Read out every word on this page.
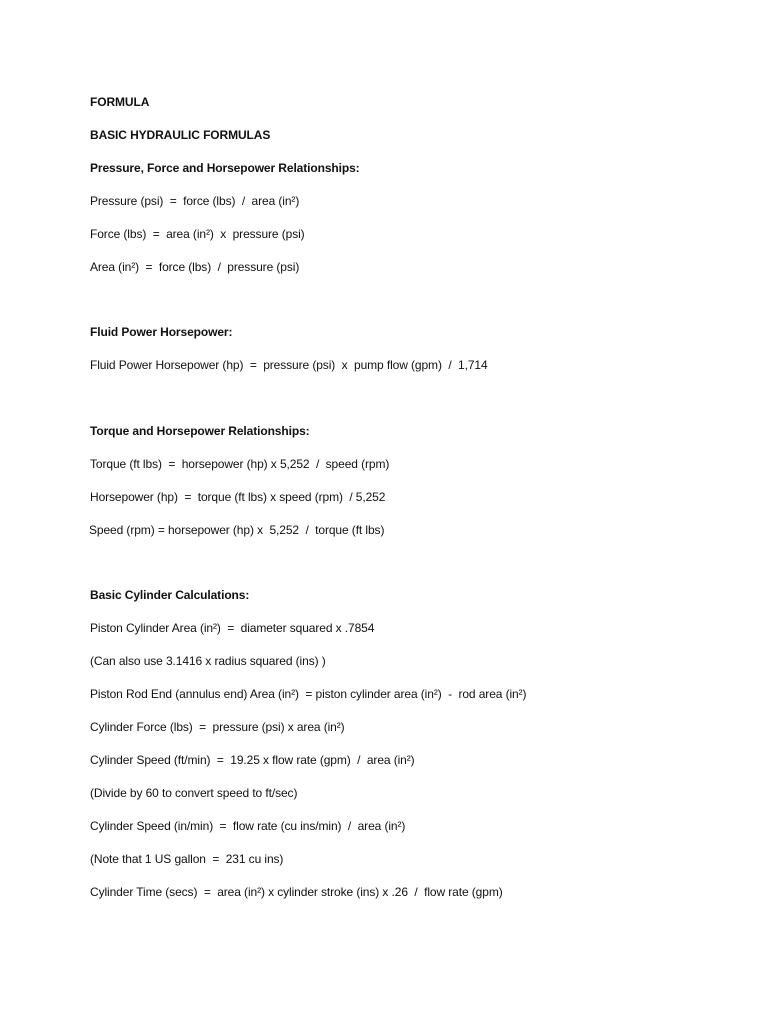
FORMULA
BASIC HYDRAULIC FORMULAS
Pressure, Force and Horsepower Relationships:
Pressure (psi)  =  force (lbs)  /  area (in²)
Force (lbs)  =  area (in²)  x  pressure (psi)
Area (in²)  =  force (lbs)  /  pressure (psi)
Fluid Power Horsepower:
Fluid Power Horsepower (hp)  =  pressure (psi)  x  pump flow (gpm)  /  1,714
Torque and Horsepower Relationships:
Torque (ft lbs)  =  horsepower (hp) x 5,252  /  speed (rpm)
Horsepower (hp)  =  torque (ft lbs) x speed (rpm)  / 5,252
Speed (rpm) = horsepower (hp) x  5,252  /  torque (ft lbs)
Basic Cylinder Calculations:
Piston Cylinder Area (in²)  =  diameter squared x .7854
(Can also use 3.1416 x radius squared (ins) )
Piston Rod End (annulus end) Area (in²)  = piston cylinder area (in²)  -  rod area (in²)
Cylinder Force (lbs)  =  pressure (psi) x area (in²)
Cylinder Speed (ft/min)  =  19.25 x flow rate (gpm)  /  area (in²)
(Divide by 60 to convert speed to ft/sec)
Cylinder Speed (in/min)  =  flow rate (cu ins/min)  /  area (in²)
(Note that 1 US gallon  =  231 cu ins)
Cylinder Time (secs)  =  area (in²) x cylinder stroke (ins) x .26  /  flow rate (gpm)
